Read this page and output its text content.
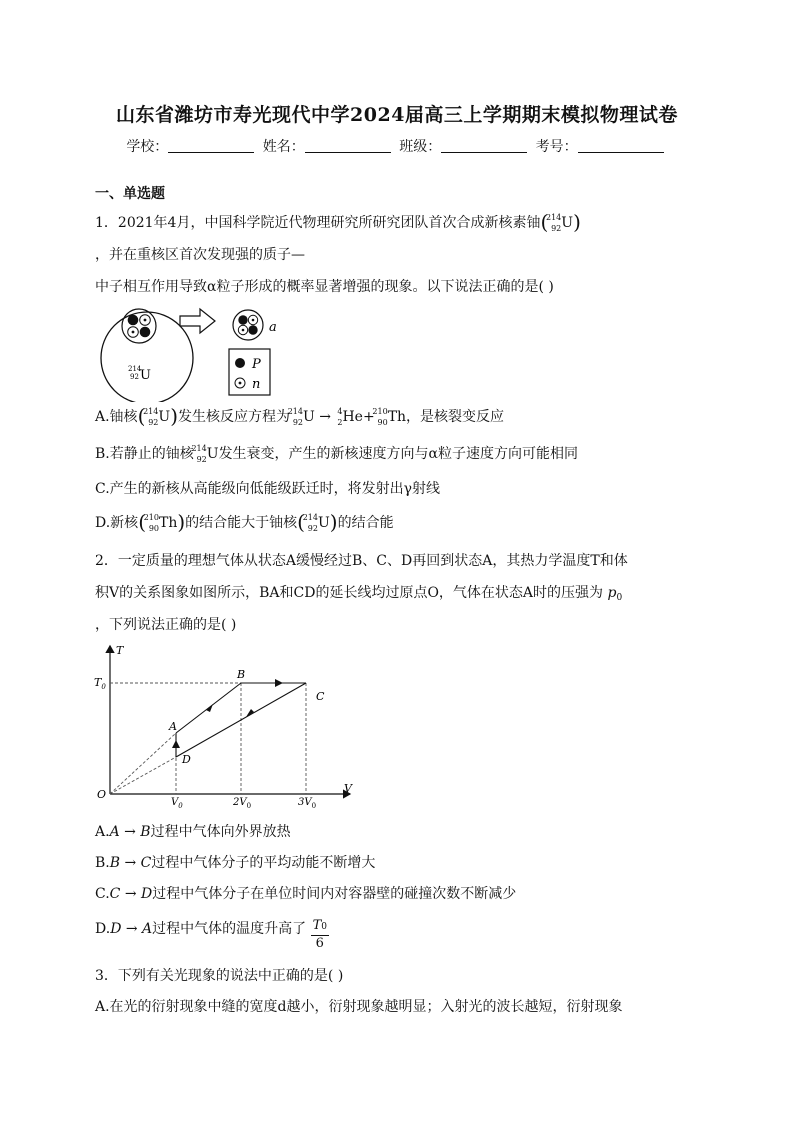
山东省潍坊市寿光现代中学2024届高三上学期期末模拟物理试卷
学校：	姓名：	班级：	考号：
一、单选题
1．2021年4月，中国科学院近代物理研究所研究团队首次合成新核素铀(
214
92 U)
，并在重核区首次发现强的质子—
中子相互作用导致α粒子形成的概率显著增强的现象。以下说法正确的是( )
214
92 U
a
P
n
A.铀核(
214
92 U)发生核反应方程为
214
92 U → 4
2 He+
210
90 Th，是核裂变反应
B.若静止的铀核
214
92 U发生衰变，产生的新核速度方向与α粒子速度方向可能相同
C.产生的新核从高能级向低能级跃迁时，将发射出γ射线
D.新核(
210
90 Th)的结合能大于铀核(
214
92 U)的结合能
2．一定质量的理想气体从状态A缓慢经过B、C、D再回到状态A，其热力学温度T和体
积V的关系图象如图所示，BA和CD的延长线均过原点O，气体在状态A时的压强为 $p_0$
，下列说法正确的是( )
T
V
O
$T_0$
$V_0$	$2V_0$	$3V_0$
A
B
C
D
A.A → B过程中气体向外界放热
B.B → C过程中气体分子的平均动能不断增大
C.C → D过程中气体分子在单位时间内对容器壁的碰撞次数不断减少
D.D → A过程中气体的温度升高了 $\frac{T0}{6}$
3．下列有关光现象的说法中正确的是( )
A.在光的衍射现象中缝的宽度d越小，衍射现象越明显；入射光的波长越短，衍射现象
